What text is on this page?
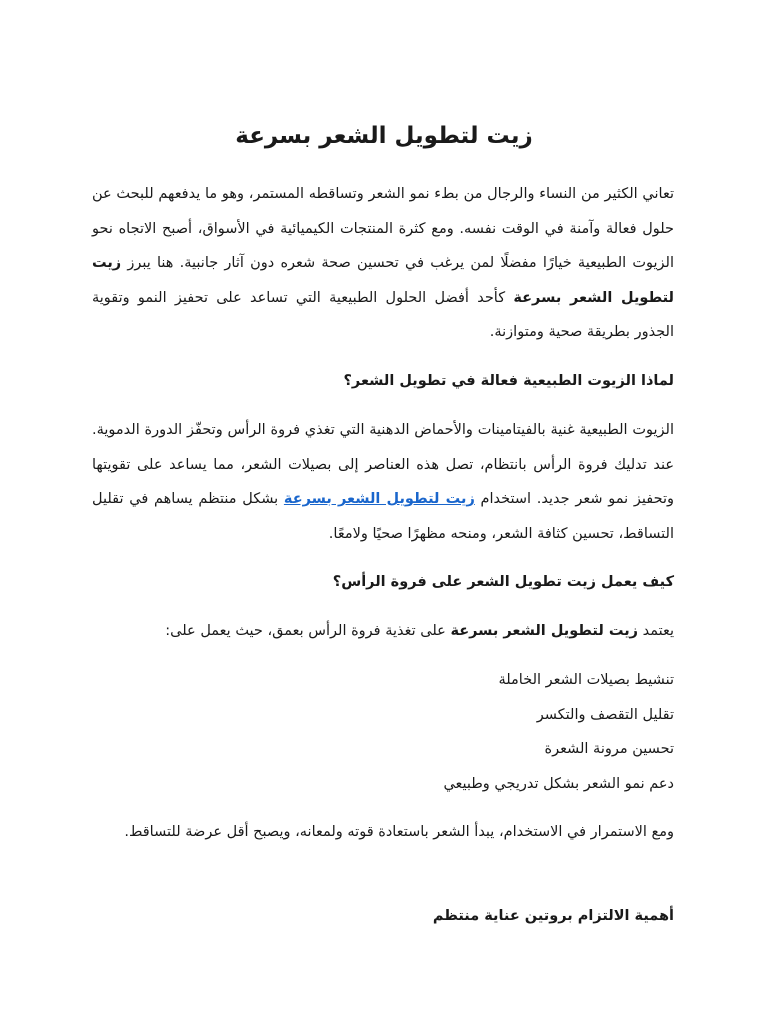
زيت لتطويل الشعر بسرعة

تعاني الكثير من النساء والرجال من بطء نمو الشعر وتساقطه المستمر، وهو ما يدفعهم للبحث عن حلول فعالة وآمنة في الوقت نفسه. ومع كثرة المنتجات الكيميائية في الأسواق، أصبح الاتجاه نحو الزيوت الطبيعية خيارًا مفضلًا لمن يرغب في تحسين صحة شعره دون آثار جانبية. هنا يبرز زيت لتطويل الشعر بسرعة كأحد أفضل الحلول الطبيعية التي تساعد على تحفيز النمو وتقوية الجذور بطريقة صحية ومتوازنة.

لماذا الزيوت الطبيعية فعالة في تطويل الشعر؟

الزيوت الطبيعية غنية بالفيتامينات والأحماض الدهنية التي تغذي فروة الرأس وتحفّز الدورة الدموية. عند تدليك فروة الرأس بانتظام، تصل هذه العناصر إلى بصيلات الشعر، مما يساعد على تقويتها وتحفيز نمو شعر جديد. استخدام زيت لتطويل الشعر بسرعة بشكل منتظم يساهم في تقليل التساقط، تحسين كثافة الشعر، ومنحه مظهرًا صحيًا ولامعًا.

كيف يعمل زيت تطويل الشعر على فروة الرأس؟

يعتمد زيت لتطويل الشعر بسرعة على تغذية فروة الرأس بعمق، حيث يعمل على:

تنشيط بصيلات الشعر الخاملة
تقليل التقصف والتكسر
تحسين مرونة الشعرة
دعم نمو الشعر بشكل تدريجي وطبيعي

ومع الاستمرار في الاستخدام، يبدأ الشعر باستعادة قوته ولمعانه، ويصبح أقل عرضة للتساقط.

أهمية الالتزام بروتين عناية منتظم
